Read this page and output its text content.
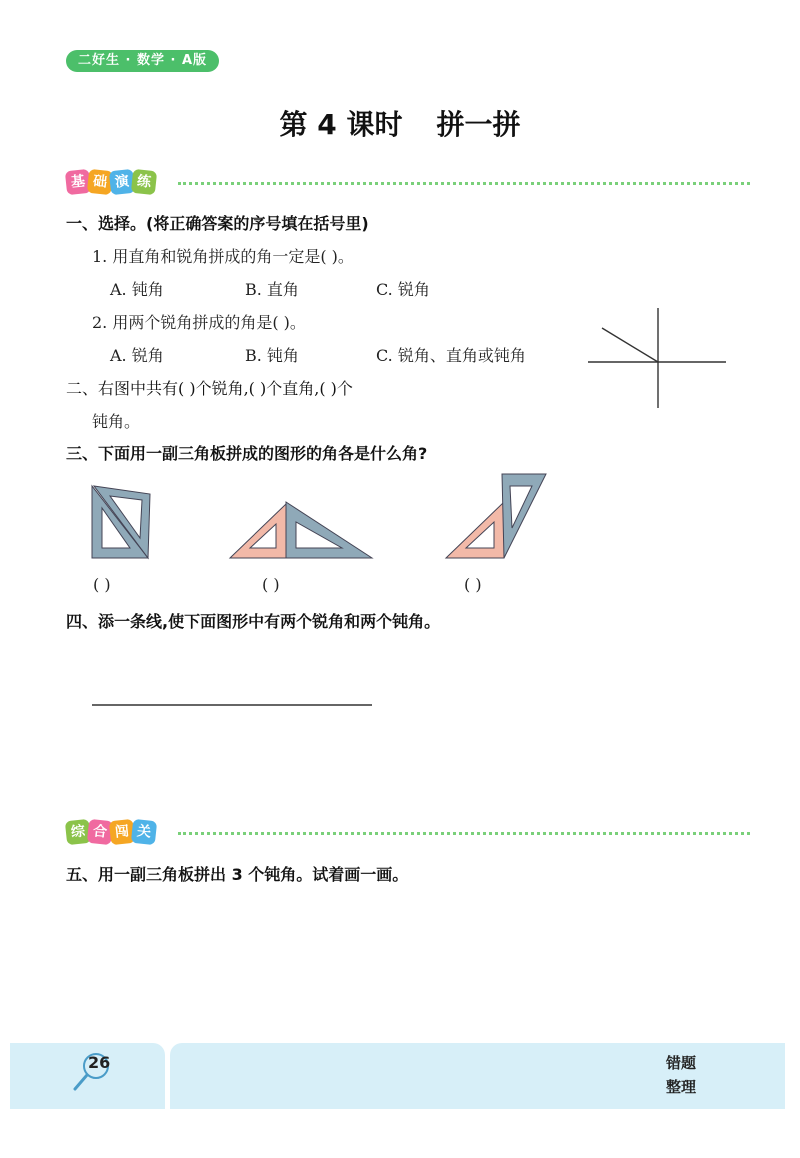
二好生 · 数学 · A版
第 4 课时 拼一拼
基 础 演 练
一、选择。(将正确答案的序号填在括号里)
1. 用直角和锐角拼成的角一定是( )。
A. 钝角	B. 直角	C. 锐角
2. 用两个锐角拼成的角是( )。
A. 锐角	B. 钝角	C. 锐角、直角或钝角
二、右图中共有( )个锐角,( )个直角,( )个
钝角。
三、下面用一副三角板拼成的图形的角各是什么角?
( )	( )	( )
四、添一条线,使下面图形中有两个锐角和两个钝角。
综 合 闯 关
五、用一副三角板拼出 3 个钝角。试着画一画。
26	错题
整理
